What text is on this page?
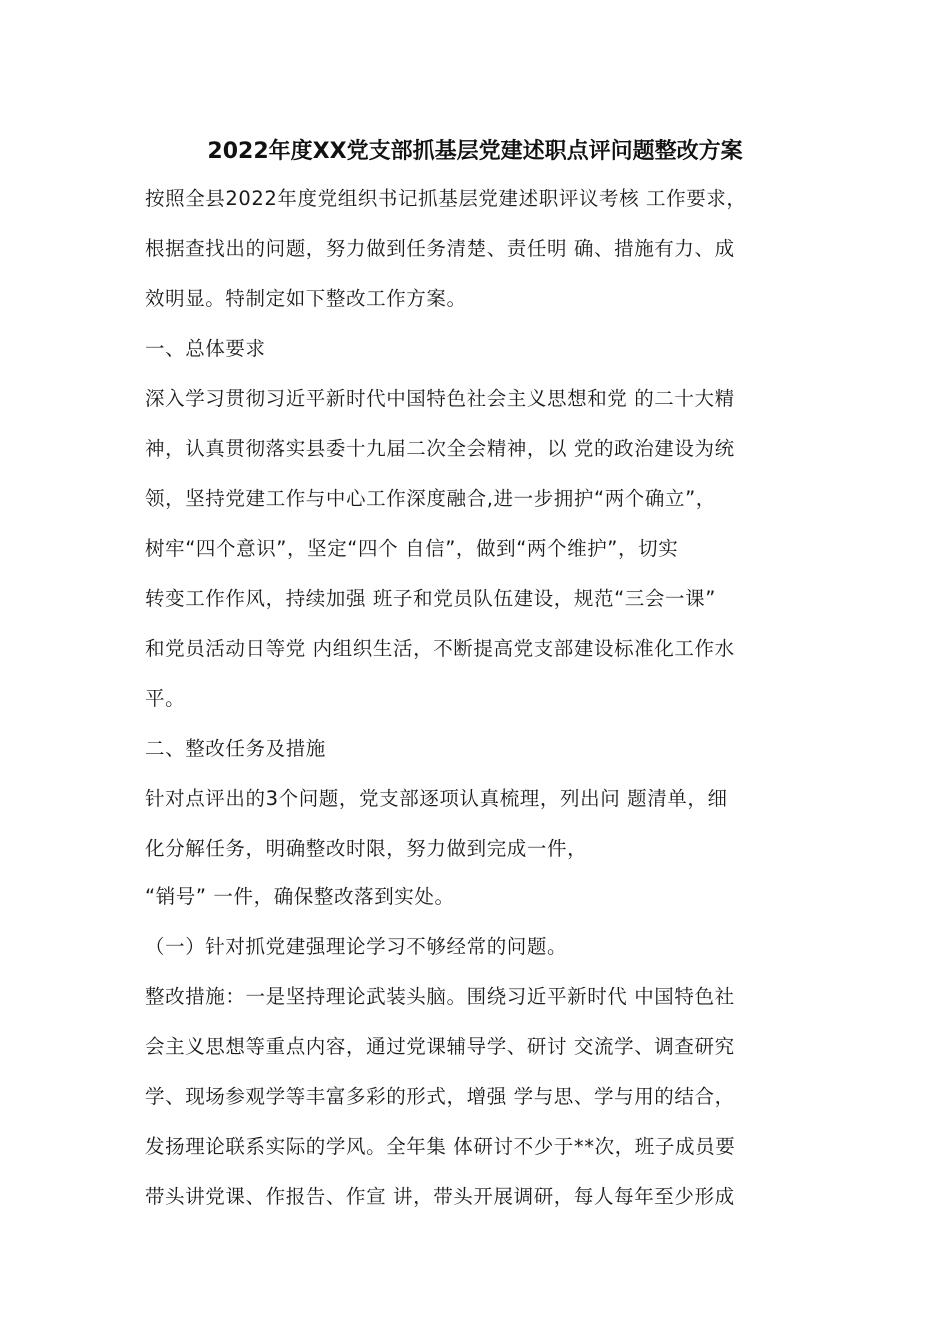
2022年度XX党支部抓基层党建述职点评问题整改方案
按照全县2022年度党组织书记抓基层党建述职评议考核 工作要求，
根据查找出的问题，努力做到任务清楚、责任明 确、措施有力、成
效明显。特制定如下整改工作方案。
一、总体要求
深入学习贯彻习近平新时代中国特色社会主义思想和党 的二十大精
神，认真贯彻落实县委十九届二次全会精神，以 党的政治建设为统
领，坚持党建工作与中心工作深度融合,进一步拥护“两个确立”，
树牢“四个意识”，坚定“四个 自信”，做到“两个维护”，切实
转变工作作风，持续加强 班子和党员队伍建设，规范“三会一课”
和党员活动日等党 内组织生活，不断提高党支部建设标准化工作水
平。
二、整改任务及措施
针对点评出的3个问题，党支部逐项认真梳理，列出问 题清单，细
化分解任务，明确整改时限，努力做到完成一件，
“销号” 一件，确保整改落到实处。
（一）针对抓党建强理论学习不够经常的问题。
整改措施：一是坚持理论武装头脑。围绕习近平新时代 中国特色社
会主义思想等重点内容，通过党课辅导学、研讨 交流学、调查研究
学、现场参观学等丰富多彩的形式，增强 学与思、学与用的结合，
发扬理论联系实际的学风。全年集 体研讨不少于**次，班子成员要
带头讲党课、作报告、作宣 讲，带头开展调研，每人每年至少形成
